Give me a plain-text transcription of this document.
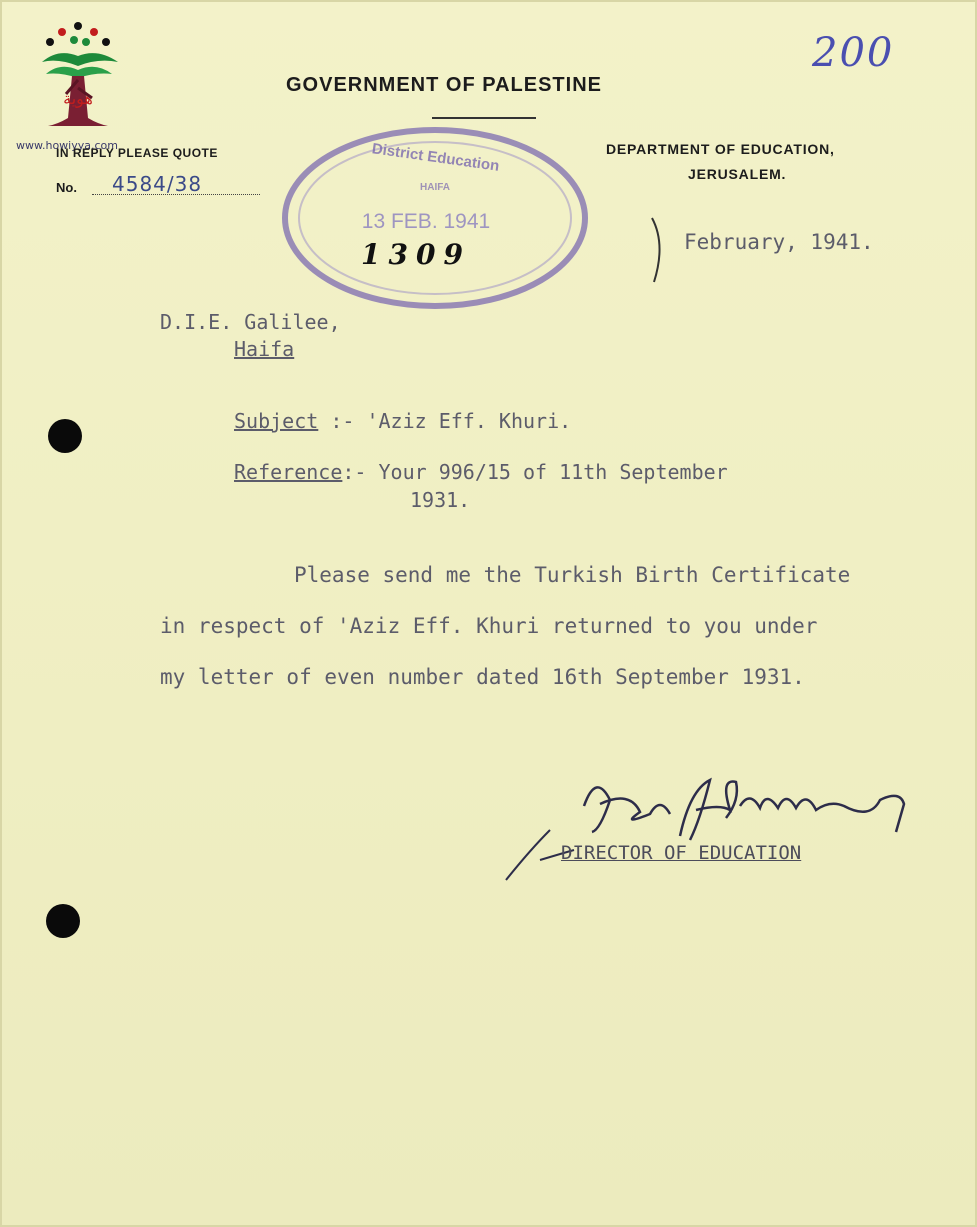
هوية
www.howiyya.com
200
GOVERNMENT OF PALESTINE
IN REPLY PLEASE QUOTE
No. 4584/38
DEPARTMENT OF EDUCATION,
JERUSALEM.
District Education
HAIFA
13 FEB. 1941
1309	February, 1941.
D.I.E. Galilee,
Haifa
Subject :- 'Aziz Eff. Khuri.
Reference:- Your 996/15 of 11th September
1931.
Please send me the Turkish Birth Certificate
in respect of 'Aziz Eff. Khuri returned to you under
my letter of even number dated 16th September 1931.
DIRECTOR OF EDUCATION
